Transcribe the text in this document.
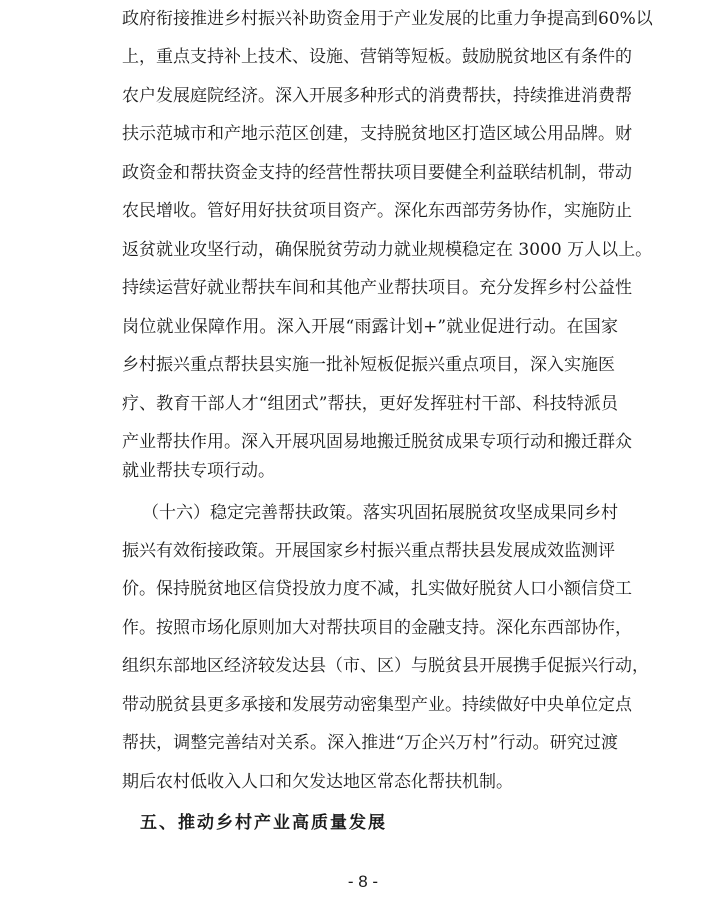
政府衔接推进乡村振兴补助资金用于产业发展的比重力争提高到60%以
上，重点支持补上技术、设施、营销等短板。鼓励脱贫地区有条件的
农户发展庭院经济。深入开展多种形式的消费帮扶，持续推进消费帮
扶示范城市和产地示范区创建，支持脱贫地区打造区域公用品牌。财
政资金和帮扶资金支持的经营性帮扶项目要健全利益联结机制，带动
农民增收。管好用好扶贫项目资产。深化东西部劳务协作，实施防止
返贫就业攻坚行动，确保脱贫劳动力就业规模稳定在 3000 万人以上。
持续运营好就业帮扶车间和其他产业帮扶项目。充分发挥乡村公益性
岗位就业保障作用。深入开展“雨露计划+”就业促进行动。在国家
乡村振兴重点帮扶县实施一批补短板促振兴重点项目，深入实施医
疗、教育干部人才“组团式”帮扶，更好发挥驻村干部、科技特派员
产业帮扶作用。深入开展巩固易地搬迁脱贫成果专项行动和搬迁群众
就业帮扶专项行动。
（十六）稳定完善帮扶政策。落实巩固拓展脱贫攻坚成果同乡村
振兴有效衔接政策。开展国家乡村振兴重点帮扶县发展成效监测评
价。保持脱贫地区信贷投放力度不减，扎实做好脱贫人口小额信贷工
作。按照市场化原则加大对帮扶项目的金融支持。深化东西部协作，
组织东部地区经济较发达县（市、区）与脱贫县开展携手促振兴行动，
带动脱贫县更多承接和发展劳动密集型产业。持续做好中央单位定点
帮扶，调整完善结对关系。深入推进“万企兴万村”行动。研究过渡
期后农村低收入人口和欠发达地区常态化帮扶机制。
五、推动乡村产业高质量发展
- 8 -
